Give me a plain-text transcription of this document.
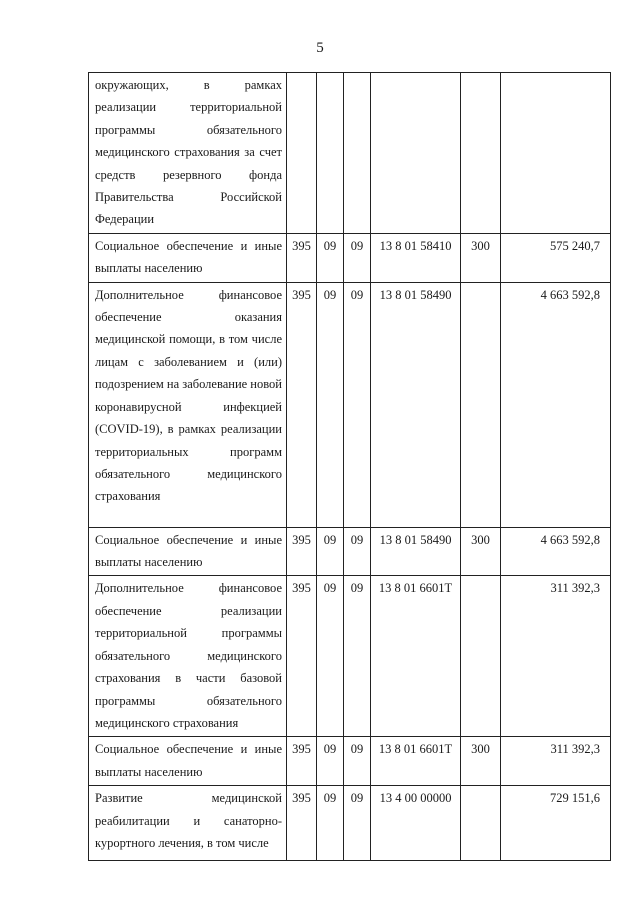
5
окружающих, в рамках реализации территориальной программы обязательного медицинского страхования за счет средств резервного фонда Правительства Российской Федерации						
Социальное обеспечение и иные выплаты населению	395	09	09	13 8 01 58410	300	575 240,7
Дополнительное финансовое обеспечение оказания медицинской помощи, в том числе лицам с заболеванием и (или) подозрением на заболевание новой коронавирусной инфекцией (COVID-19), в рамках реализации территориальных программ обязательного медицинского страхования	395	09	09	13 8 01 58490		4 663 592,8
Социальное обеспечение и иные выплаты населению	395	09	09	13 8 01 58490	300	4 663 592,8
Дополнительное финансовое обеспечение реализации территориальной программы обязательного медицинского страхования в части базовой программы обязательного медицинского страхования	395	09	09	13 8 01 6601Т		311 392,3
Социальное обеспечение и иные выплаты населению	395	09	09	13 8 01 6601Т	300	311 392,3
Развитие медицинской реабилитации и санаторно-курортного лечения, в том числе	395	09	09	13 4 00 00000		729 151,6
